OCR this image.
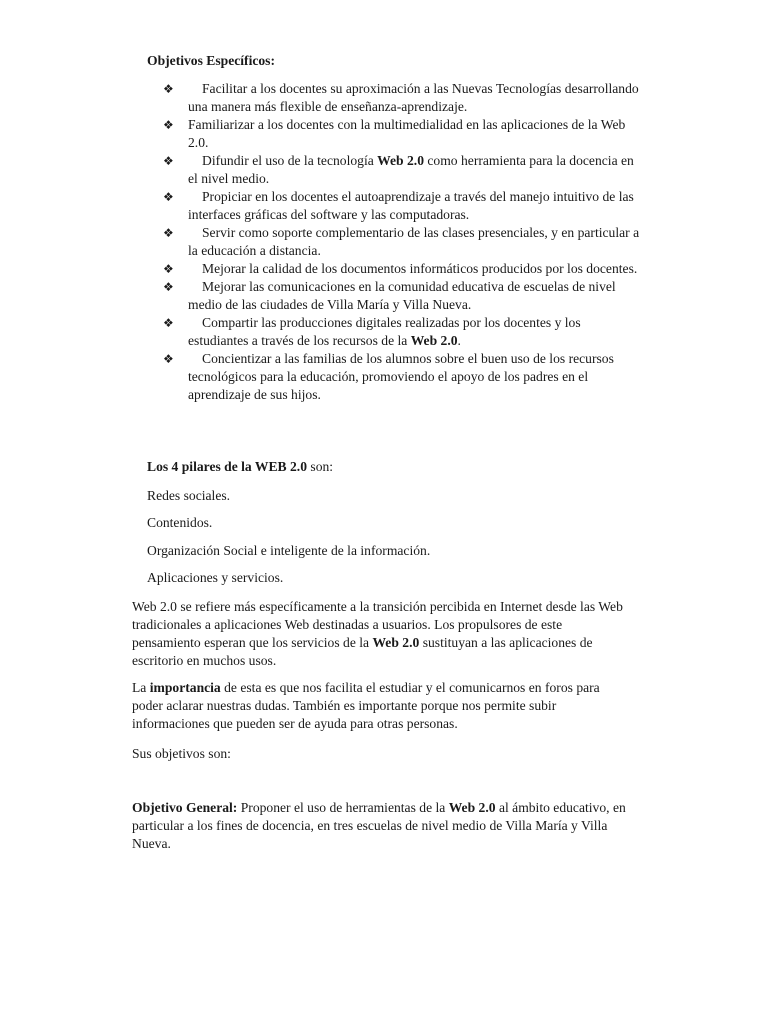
Objetivos Específicos:
❖	Facilitar a los docentes su aproximación a las Nuevas Tecnologías desarrollando una manera más flexible de enseñanza-aprendizaje.
❖ Familiarizar a los docentes con la multimedialidad en las aplicaciones de la Web 2.0.
❖	Difundir el uso de la tecnología Web 2.0 como herramienta para la docencia en el nivel medio.
❖	Propiciar en los docentes el autoaprendizaje a través del manejo intuitivo de las interfaces gráficas del software y las computadoras.
❖	Servir como soporte complementario de las clases presenciales, y en particular a la educación a distancia.
❖	Mejorar la calidad de los documentos informáticos producidos por los docentes.
❖	Mejorar las comunicaciones en la comunidad educativa de escuelas de nivel medio de las ciudades de Villa María y Villa Nueva.
❖	Compartir las producciones digitales realizadas por los docentes y los estudiantes a través de los recursos de la Web 2.0.
❖	Concientizar a las familias de los alumnos sobre el buen uso de los recursos tecnológicos para la educación, promoviendo el apoyo de los padres en el aprendizaje de sus hijos.
Los 4 pilares de la WEB 2.0 son:
Redes sociales.
Contenidos.
Organización Social e inteligente de la información.
Aplicaciones y servicios.

Web 2.0 se refiere más específicamente a la transición percibida en Internet desde las Web tradicionales a aplicaciones Web destinadas a usuarios. Los propulsores de este pensamiento esperan que los servicios de la Web 2.0 sustituyan a las aplicaciones de escritorio en muchos usos.

La importancia de esta es que nos facilita el estudiar y el comunicarnos en foros para poder aclarar nuestras dudas. También es importante porque nos permite subir informaciones que pueden ser de ayuda para otras personas.

Sus objetivos son:

Objetivo General: Proponer el uso de herramientas de la Web 2.0 al ámbito educativo, en particular a los fines de docencia, en tres escuelas de nivel medio de Villa María y Villa Nueva.
